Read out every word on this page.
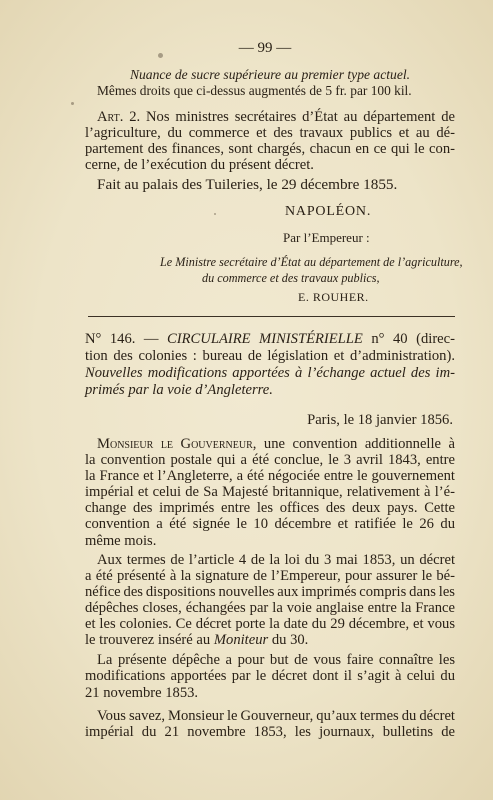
— 99 —
Nuance de sucre supérieure au premier type actuel.
Mêmes droits que ci-dessus augmentés de 5 fr. par 100 kil.
Art. 2. Nos ministres secrétaires d’État au département de
l’agriculture, du commerce et des travaux publics et au dé-
partement des finances, sont chargés, chacun en ce qui le con-
cerne, de l’exécution du présent décret.
Fait au palais des Tuileries, le 29 décembre 1855.
NAPOLÉON.
Par l’Empereur :
Le Ministre secrétaire d’État au département de l’agriculture,
du commerce et des travaux publics,
E. ROUHER.
N° 146. — CIRCULAIRE MINISTÉRIELLE n° 40 (direc-
tion des colonies : bureau de législation et d’administration).
Nouvelles modifications apportées à l’échange actuel des im-
primés par la voie d’Angleterre.
Paris, le 18 janvier 1856.
Monsieur le Gouverneur, une convention additionnelle à
la convention postale qui a été conclue, le 3 avril 1843, entre
la France et l’Angleterre, a été négociée entre le gouvernement
impérial et celui de Sa Majesté britannique, relativement à l’é-
change des imprimés entre les offices des deux pays. Cette
convention a été signée le 10 décembre et ratifiée le 26 du
même mois.
Aux termes de l’article 4 de la loi du 3 mai 1853, un décret
a été présenté à la signature de l’Empereur, pour assurer le bé-
néfice des dispositions nouvelles aux imprimés compris dans les
dépêches closes, échangées par la voie anglaise entre la France
et les colonies. Ce décret porte la date du 29 décembre, et vous
le trouverez inséré au Moniteur du 30.
La présente dépêche a pour but de vous faire connaître les
modifications apportées par le décret dont il s’agit à celui du
21 novembre 1853.
Vous savez, Monsieur le Gouverneur, qu’aux termes du décret
impérial du 21 novembre 1853, les journaux, bulletins de
